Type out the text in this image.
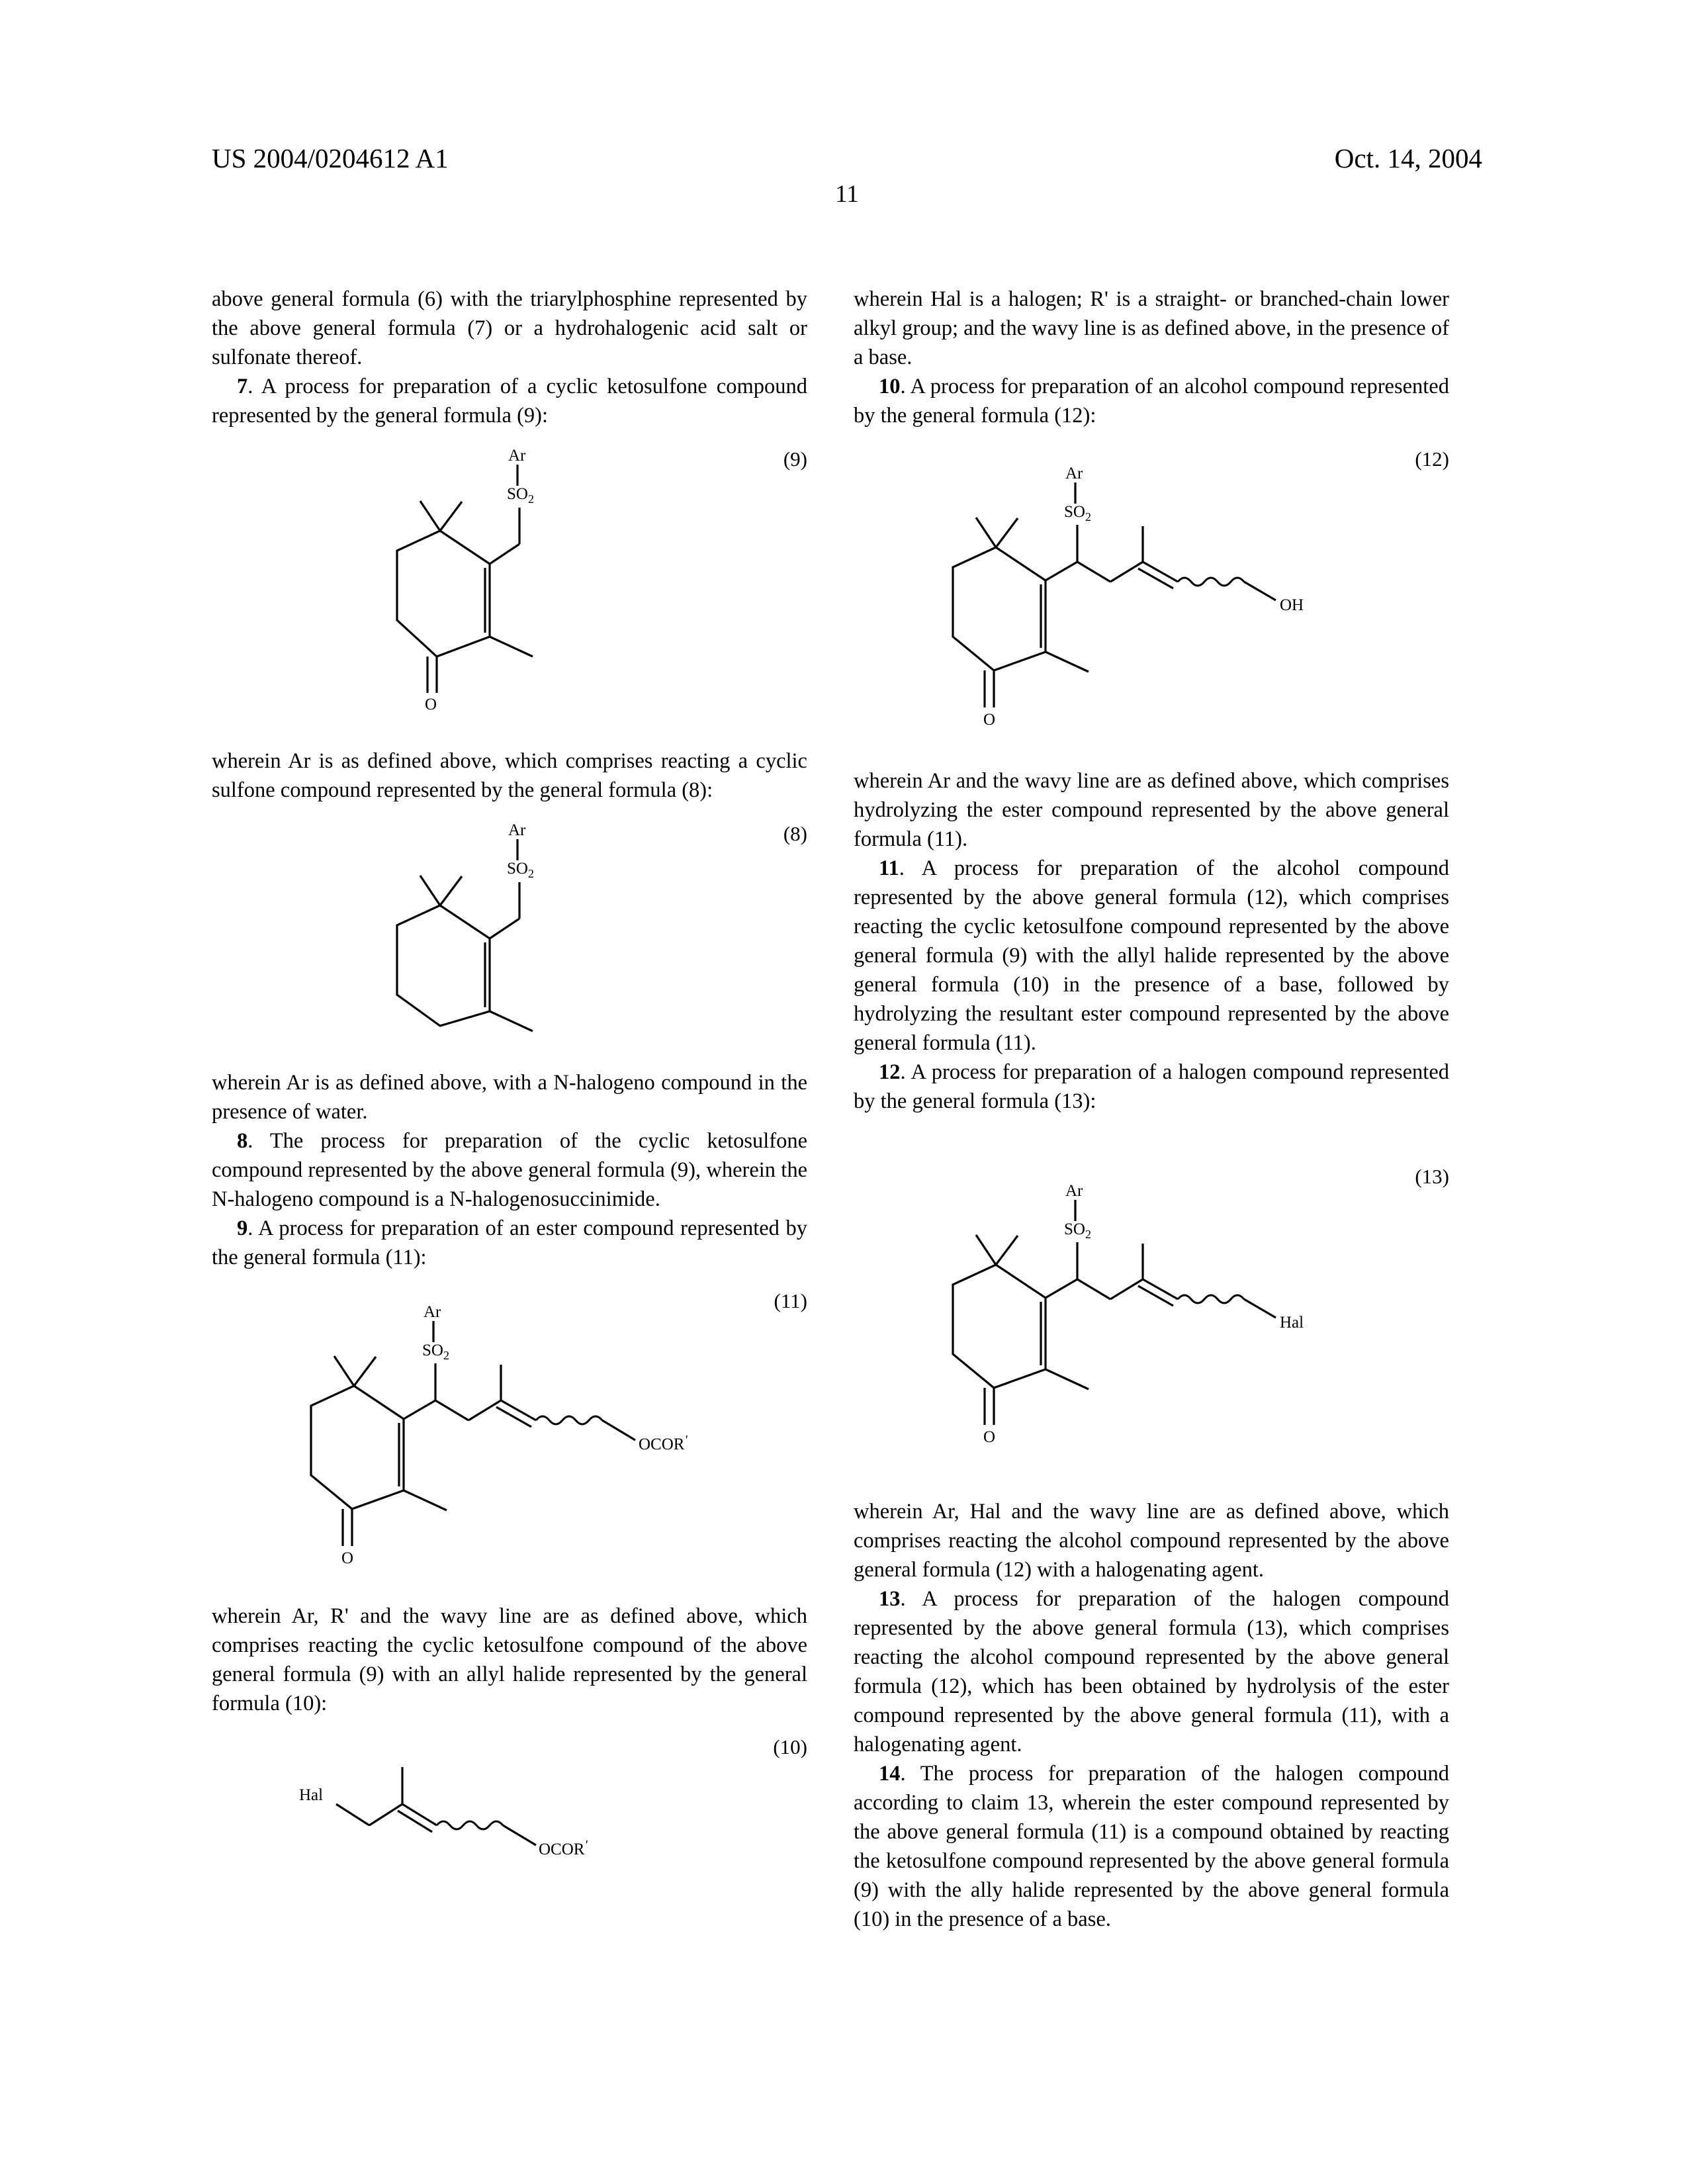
US 2004/0204612 A1	Oct. 14, 2004
11

above general formula (6) with the triarylphosphine represented by the above general formula (7) or a hydrohalogenic acid salt or sulfonate thereof.

7. A process for preparation of a cyclic ketosulfone compound represented by the general formula (9):

(9)
Ar
$SO_2$
O

wherein Ar is as defined above, which comprises reacting a cyclic sulfone compound represented by the general formula (8):

(8)
Ar
$SO_2$

wherein Ar is as defined above, with a N-halogeno compound in the presence of water.

8. The process for preparation of the cyclic ketosulfone compound represented by the above general formula (9), wherein the N-halogeno compound is a N-halogenosuccinimide.

9. A process for preparation of an ester compound represented by the general formula (11):

(11)
Ar
$SO_2$
O
OCOR'

wherein Ar, R' and the wavy line are as defined above, which comprises reacting the cyclic ketosulfone compound of the above general formula (9) with an allyl halide represented by the general formula (10):

(10)
Hal
OCOR'

wherein Hal is a halogen; R' is a straight- or branched-chain lower alkyl group; and the wavy line is as defined above, in the presence of a base.

10. A process for preparation of an alcohol compound represented by the general formula (12):

(12)
Ar
$SO_2$
O
OH

wherein Ar and the wavy line are as defined above, which comprises hydrolyzing the ester compound represented by the above general formula (11).

11. A process for preparation of the alcohol compound represented by the above general formula (12), which comprises reacting the cyclic ketosulfone compound represented by the above general formula (9) with the allyl halide represented by the above general formula (10) in the presence of a base, followed by hydrolyzing the resultant ester compound represented by the above general formula (11).

12. A process for preparation of a halogen compound represented by the general formula (13):

(13)
Ar
$SO_2$
O
Hal

wherein Ar, Hal and the wavy line are as defined above, which comprises reacting the alcohol compound represented by the above general formula (12) with a halogenating agent.

13. A process for preparation of the halogen compound represented by the above general formula (13), which comprises reacting the alcohol compound represented by the above general formula (12), which has been obtained by hydrolysis of the ester compound represented by the above general formula (11), with a halogenating agent.

14. The process for preparation of the halogen compound according to claim 13, wherein the ester compound represented by the above general formula (11) is a compound obtained by reacting the ketosulfone compound represented by the above general formula (9) with the ally halide represented by the above general formula (10) in the presence of a base.
